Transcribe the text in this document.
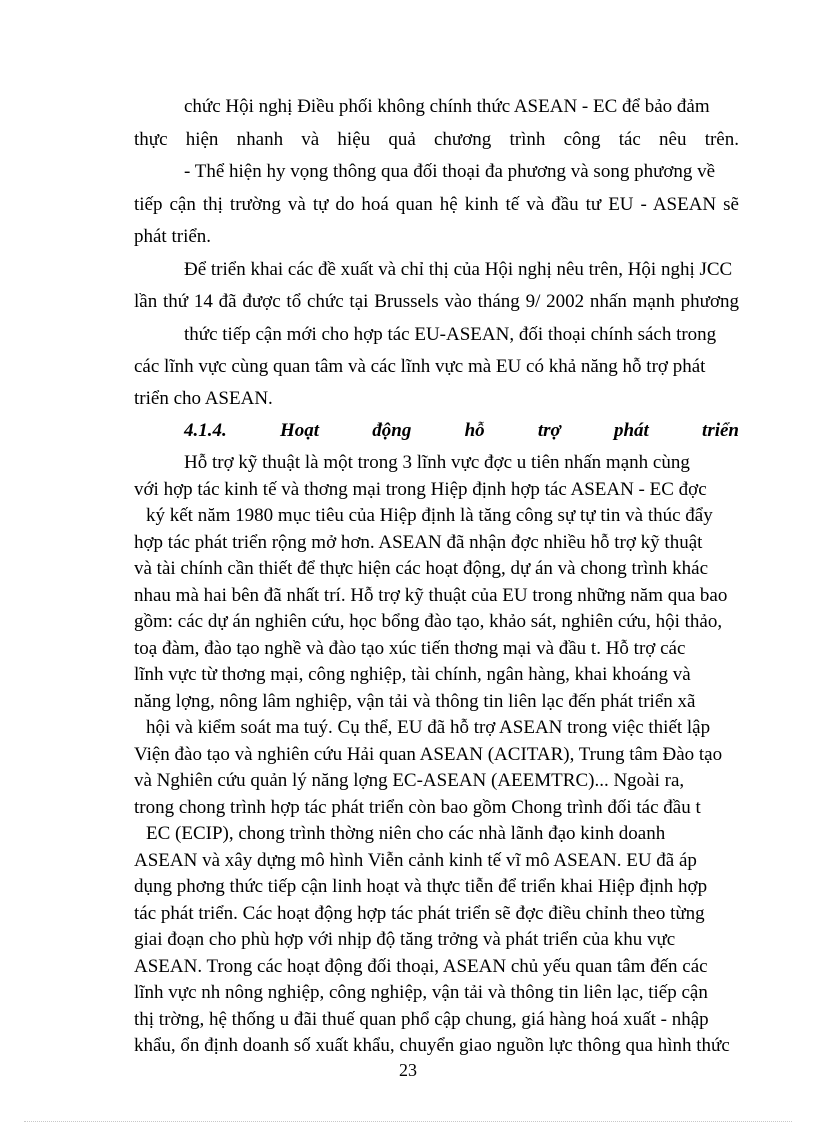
chức Hội nghị Điều phối không chính thức ASEAN - EC để bảo đảm
thực hiện nhanh và hiệu quả chương trình công tác nêu trên.
- Thể hiện hy vọng thông qua đối thoại đa phương và song phương về
tiếp cận thị trường và tự do hoá quan hệ kinh tế và đầu tư EU - ASEAN sẽ
phát triển.
Để triển khai các đề xuất và chỉ thị của Hội nghị nêu trên, Hội nghị JCC
lần thứ 14 đã được tổ chức tại Brussels vào tháng 9/ 2002 nhấn mạnh phương
thức tiếp cận mới cho hợp tác EU-ASEAN, đối thoại chính sách trong
các lĩnh vực cùng quan tâm và các lĩnh vực mà EU có khả năng hỗ trợ phát
triển cho ASEAN.
4.1.4. Hoạt động hỗ trợ phát triển
Hỗ trợ kỹ thuật là một trong 3 lĩnh vực đợc u tiên nhấn mạnh cùng
với hợp tác kinh tế và thơng mại trong Hiệp định hợp tác ASEAN - EC đợc
ký kết năm 1980 mục tiêu của Hiệp định là tăng công sự tự tin và thúc đẩy
hợp tác phát triển rộng mở hơn. ASEAN đã nhận đợc nhiều hỗ trợ kỹ thuật
và tài chính cần thiết để thực hiện các hoạt động, dự án và chong trình khác
nhau mà hai bên đã nhất trí. Hỗ trợ kỹ thuật của EU trong những năm qua bao
gồm: các dự án nghiên cứu, học bổng đào tạo, khảo sát, nghiên cứu, hội thảo,
toạ đàm, đào tạo nghề và đào tạo xúc tiến thơng mại và đầu t. Hỗ trợ các
lĩnh vực từ thơng mại, công nghiệp, tài chính, ngân hàng, khai khoáng và
năng lợng, nông lâm nghiệp, vận tải và thông tin liên lạc đến phát triển xã
hội và kiểm soát ma tuý. Cụ thể, EU đã hỗ trợ ASEAN trong việc thiết lập
Viện đào tạo và nghiên cứu Hải quan ASEAN (ACITAR), Trung tâm Đào tạo
và Nghiên cứu quản lý năng lợng EC-ASEAN (AEEMTRC)... Ngoài ra,
trong chong trình hợp tác phát triển còn bao gồm Chong trình đối tác đầu t
EC (ECIP), chong trình thờng niên cho các nhà lãnh đạo kinh doanh
ASEAN và xây dựng mô hình Viễn cảnh kinh tế vĩ mô ASEAN. EU đã áp
dụng phơng thức tiếp cận linh hoạt và thực tiễn để triển khai Hiệp định hợp
tác phát triển. Các hoạt động hợp tác phát triển sẽ đợc điều chỉnh theo từng
giai đoạn cho phù hợp với nhịp độ tăng trởng và phát triển của khu vực
ASEAN. Trong các hoạt động đối thoại, ASEAN chủ yếu quan tâm đến các
lĩnh vực nh nông nghiệp, công nghiệp, vận tải và thông tin liên lạc, tiếp cận
thị trờng, hệ thống u đãi thuế quan phổ cập chung, giá hàng hoá xuất - nhập
khẩu, ổn định doanh số xuất khẩu, chuyển giao nguồn lực thông qua hình thức
23
